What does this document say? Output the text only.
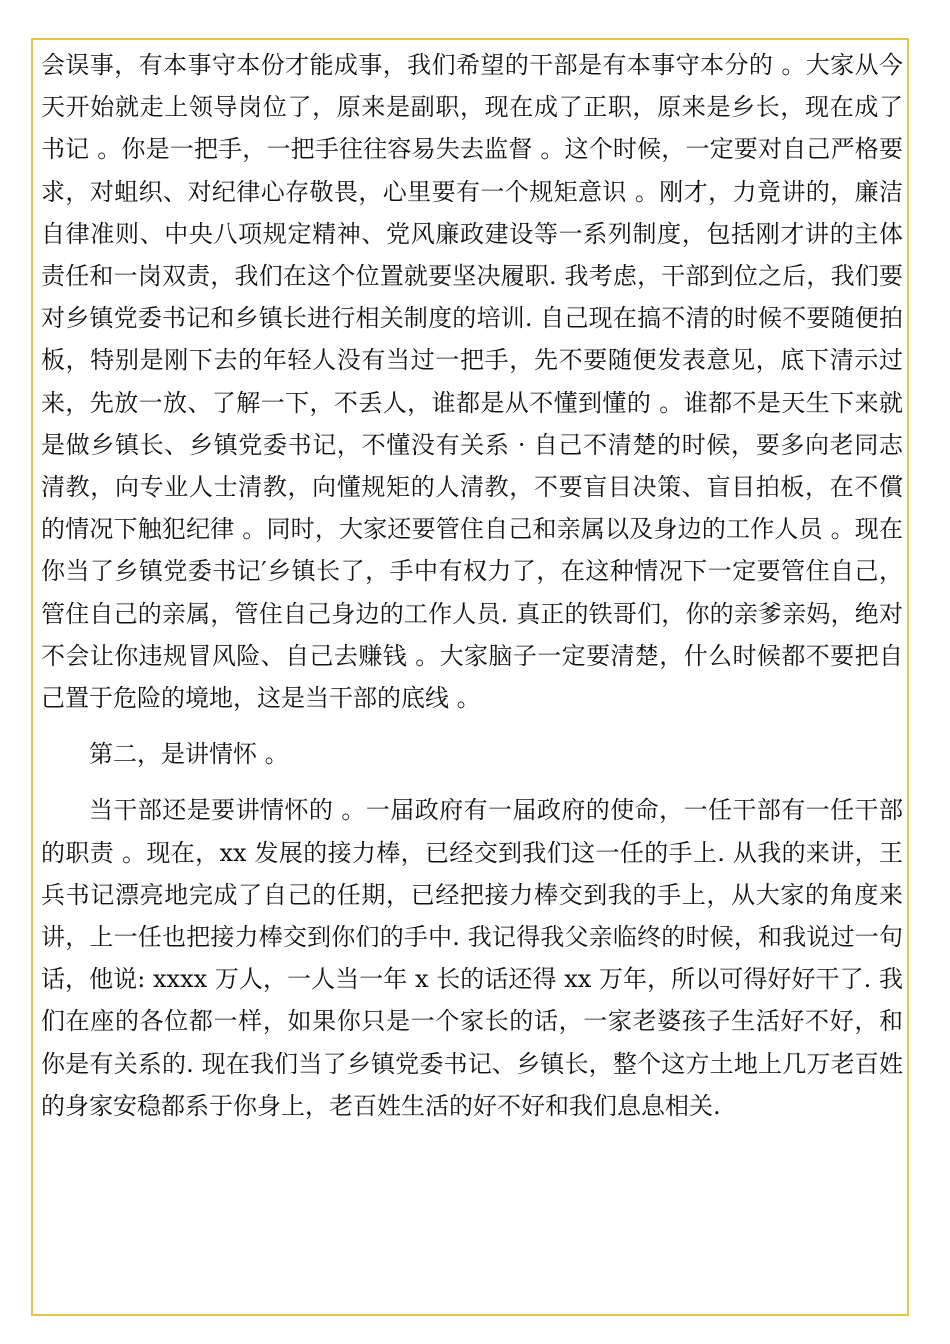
会误事，有本事守本份才能成事，我们希望的干部是有本事守本分的 。大家从今天开始就走上领导岗位了，原来是副职，现在成了正职，原来是乡长，现在成了书记 。你是一把手，一把手往往容易失去监督 。这个时候，一定要对自己严格要求，对蛆织、对纪律心存敬畏，心里要有一个规矩意识 。刚才，力竟讲的，廉洁自律准则、中央八项规定精神、党风廉政建设等一系列制度，包括刚才讲的主体责任和一岗双责，我们在这个位置就要坚决履职. 我考虑，干部到位之后，我们要对乡镇党委书记和乡镇长进行相关制度的培训. 自己现在搞不清的时候不要随便拍板，特别是刚下去的年轻人没有当过一把手，先不要随便发表意见，底下清示过来，先放一放、了解一下，不丢人，谁都是从不懂到懂的 。谁都不是天生下来就是做乡镇长、乡镇党委书记，不懂没有关系 · 自己不清楚的时候，要多向老同志清教，向专业人士清教，向懂规矩的人清教，不要盲目决策、盲目拍板，在不償的情况下触犯纪律 。同时，大家还要管住自己和亲属以及身边的工作人员 。现在你当了乡镇党委书记′乡镇长了，手中有权力了，在这种情况下一定要管住自己，管住自己的亲属，管住自己身边的工作人员. 真正的铁哥们，你的亲爹亲妈，绝对不会让你违规冒风险、自己去赚钱 。大家脑子一定要清楚，什么时候都不要把自己置于危险的境地，这是当干部的底线 。

第二，是讲情怀 。

当干部还是要讲情怀的 。一届政府有一届政府的使命，一任干部有一任干部的职责 。现在，xx 发展的接力棒，已经交到我们这一任的手上. 从我的来讲，王兵书记漂亮地完成了自己的任期，已经把接力棒交到我的手上，从大家的角度来讲，上一任也把接力棒交到你们的手中. 我记得我父亲临终的时候，和我说过一句话，他说: xxxx 万人，一人当一年 x 长的话还得 xx 万年，所以可得好好干了. 我们在座的各位都一样，如果你只是一个家长的话，一家老婆孩子生活好不好，和你是有关系的. 现在我们当了乡镇党委书记、乡镇长，整个这方土地上几万老百姓的身家安稳都系于你身上，老百姓生活的好不好和我们息息相关.
